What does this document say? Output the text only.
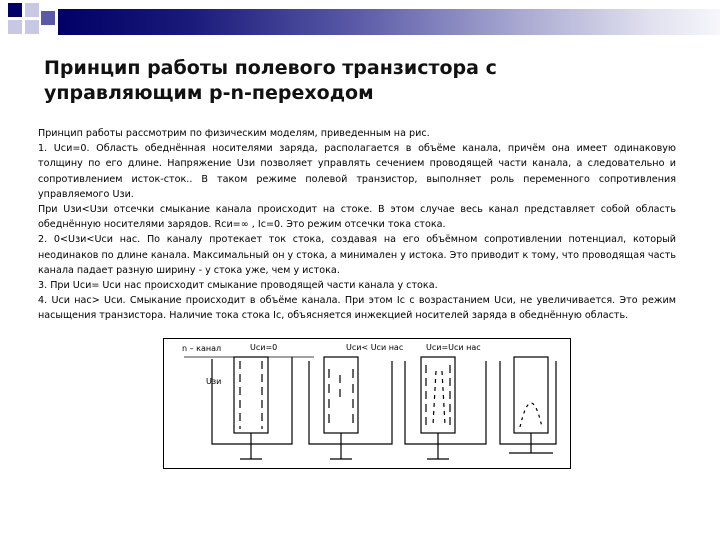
Принцип работы полевого транзистора с
управляющим p-n-переходом

Принцип работы рассмотрим по физическим моделям, приведенным на рис.

1. Uси=0. Область обеднённая носителями заряда, располагается в объёме канала, причём она имеет одинаковую толщину по его длине. Напряжение Uзи позволяет управлять сечением проводящей части канала, а следовательно и сопротивлением исток-сток.. В таком режиме полевой транзистор, выполняет роль переменного сопротивления управляемого Uзи.

При Uзи<Uзи отсечки смыкание канала происходит на стоке. В этом случае весь канал представляет собой область обеднённую носителями зарядов. Rси=∞ , Iс=0. Это режим отсечки тока стока.

2. 0<Uзи<Uси нас. По каналу протекает ток стока, создавая на его объёмном сопротивлении потенциал, который неодинаков по длине канала. Максимальный он у стока, а минимален у истока. Это приводит к тому, что проводящая часть канала падает разную ширину - у стока уже, чем у истока.

3. При Uси= Uси нас происходит смыкание проводящей части канала у стока.

4. Uси нас> Uси. Смыкание происходит в объёме канала. При этом Iс с возрастанием Uси, не увеличивается. Это режим насыщения транзистора. Наличие тока стока Iс, объясняется инжекцией носителей заряда в обеднённую область.

n – канал	Uси=0	Uси< Uси нас	Uси=Uси нас
Uзи
